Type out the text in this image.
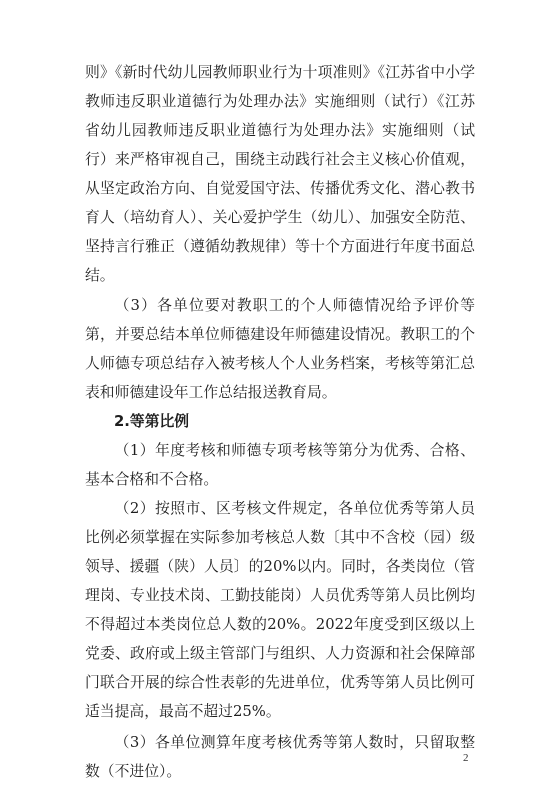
则》《新时代幼儿园教师职业行为十项准则》《江苏省中小学教师违反职业道德行为处理办法》实施细则（试行）《江苏省幼儿园教师违反职业道德行为处理办法》实施细则（试行）来严格审视自己，围绕主动践行社会主义核心价值观，从坚定政治方向、自觉爱国守法、传播优秀文化、潜心教书育人（培幼育人）、关心爱护学生（幼儿）、加强安全防范、坚持言行雅正（遵循幼教规律）等十个方面进行年度书面总结。

（3）各单位要对教职工的个人师德情况给予评价等第，并要总结本单位师德建设年师德建设情况。教职工的个人师德专项总结存入被考核人个人业务档案，考核等第汇总表和师德建设年工作总结报送教育局。

2.等第比例

（1）年度考核和师德专项考核等第分为优秀、合格、基本合格和不合格。

（2）按照市、区考核文件规定，各单位优秀等第人员比例必须掌握在实际参加考核总人数〔其中不含校（园）级领导、援疆（陕）人员〕的20%以内。同时，各类岗位（管理岗、专业技术岗、工勤技能岗）人员优秀等第人员比例均不得超过本类岗位总人数的20%。2022年度受到区级以上党委、政府或上级主管部门与组织、人力资源和社会保障部门联合开展的综合性表彰的先进单位，优秀等第人员比例可适当提高，最高不超过25%。

（3）各单位测算年度考核优秀等第人数时，只留取整数（不进位）。

2
